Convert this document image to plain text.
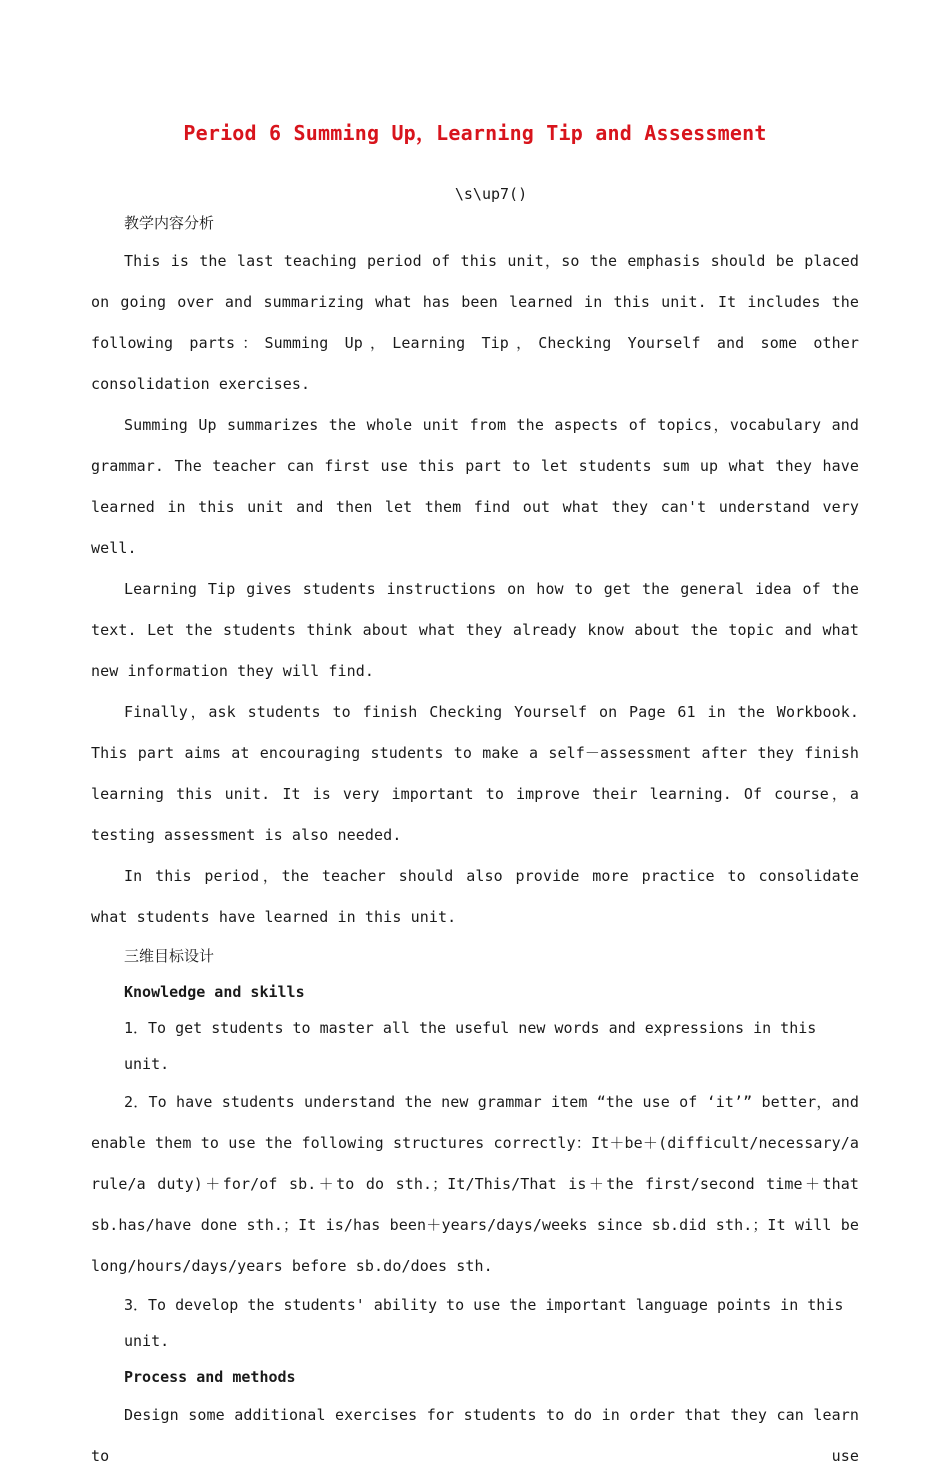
Period 6 Summing Up，Learning Tip and Assessment
\s\up7()
教学内容分析

This is the last teaching period of this unit，so the emphasis should be placed on going over and summarizing what has been learned in this unit. It includes the following parts：Summing Up，Learning Tip，Checking Yourself and some other consolidation exercises.

Summing Up summarizes the whole unit from the aspects of topics，vocabulary and grammar. The teacher can first use this part to let students sum up what they have learned in this unit and then let them find out what they can't understand very well.

Learning Tip gives students instructions on how to get the general idea of the text. Let the students think about what they already know about the topic and what new information they will find.

Finally，ask students to finish Checking Yourself on Page 61 in the Workbook. This part aims at encouraging students to make a self－assessment after they finish learning this unit. It is very important to improve their learning. Of course，a testing assessment is also needed.

In this period，the teacher should also provide more practice to consolidate what students have learned in this unit.

三维目标设计
Knowledge and skills
1．To get students to master all the useful new words and expressions in this unit.

2．To have students understand the new grammar item “the use of ‘it’” better，and enable them to use the following structures correctly：It＋be＋(difficult/necessary/a rule/a duty)＋for/of sb.＋to do sth.；It/This/That is＋the first/second time＋that sb.has/have done sth.；It is/has been＋years/days/weeks since sb.did sth.；It will be long/hours/days/years before sb.do/does sth.

3．To develop the students' ability to use the important language points in this unit.
Process and methods

Design some additional exercises for students to do in order that they can learn to use
